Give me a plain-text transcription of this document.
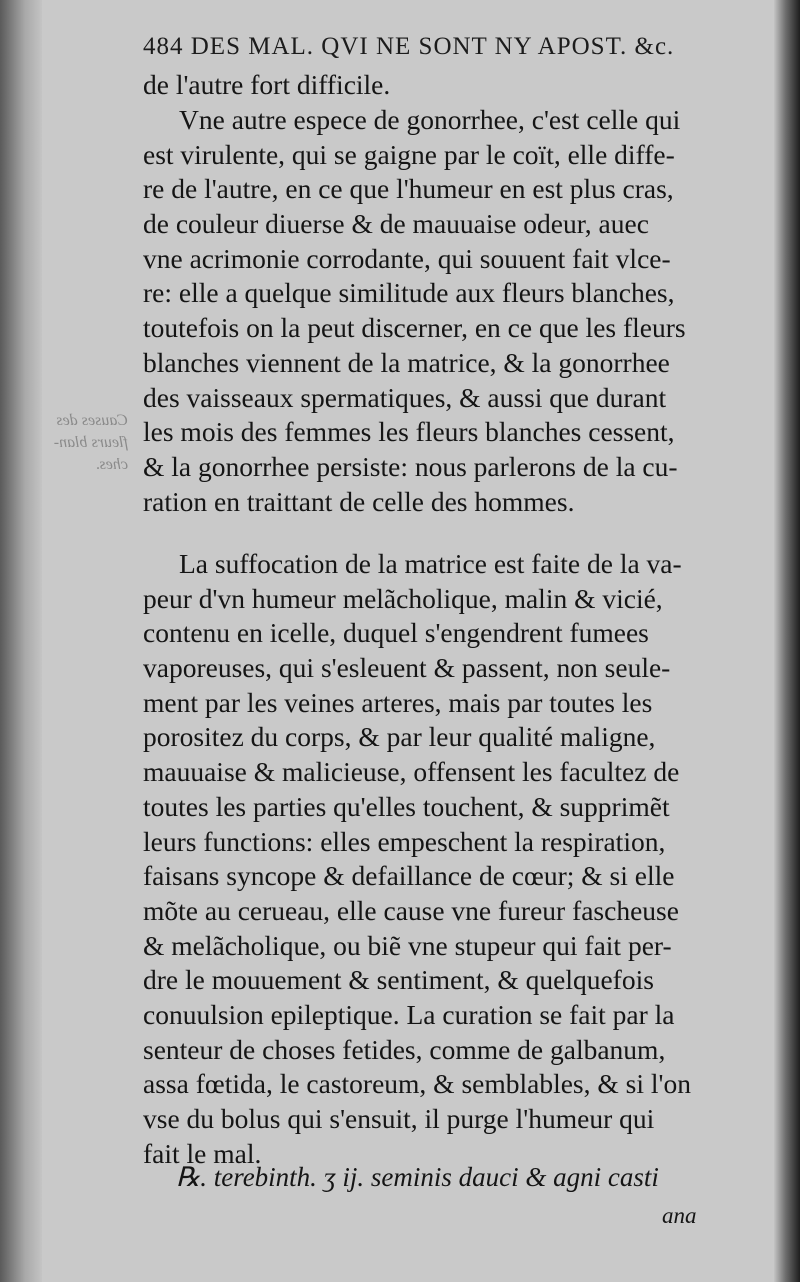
Causes des
fleurs blan-
ches.
484 DES MAL. QVI NE SONT NY APOST. &c.
de l'autre fort difficile.
Vne autre espece de gonorrhee, c'est celle qui
est virulente, qui se gaigne par le coït, elle diffe-
re de l'autre, en ce que l'humeur en est plus cras,
de couleur diuerse & de mauuaise odeur, auec
vne acrimonie corrodante, qui souuent fait vlce-
re: elle a quelque similitude aux fleurs blanches,
toutefois on la peut discerner, en ce que les fleurs
blanches viennent de la matrice, & la gonorrhee
des vaisseaux spermatiques, & aussi que durant
les mois des femmes les fleurs blanches cessent,
& la gonorrhee persiste: nous parlerons de la cu-
ration en traittant de celle des hommes.
La suffocation de la matrice est faite de la va-
peur d'vn humeur melãcholique, malin & vicié,
contenu en icelle, duquel s'engendrent fumees
vaporeuses, qui s'esleuent & passent, non seule-
ment par les veines arteres, mais par toutes les
porositez du corps, & par leur qualité maligne,
mauuaise & malicieuse, offensent les facultez de
toutes les parties qu'elles touchent, & supprimẽt
leurs functions: elles empeschent la respiration,
faisans syncope & defaillance de cœur; & si elle
mõte au cerueau, elle cause vne fureur fascheuse
& melãcholique, ou biẽ vne stupeur qui fait per-
dre le mouuement & sentiment, & quelquefois
conuulsion epileptique. La curation se fait par la
senteur de choses fetides, comme de galbanum,
assa fœtida, le castoreum, & semblables, & si l'on
vse du bolus qui s'ensuit, il purge l'humeur qui
fait le mal.
℞. terebinth. ʒ ij. seminis dauci & agni casti
ana
